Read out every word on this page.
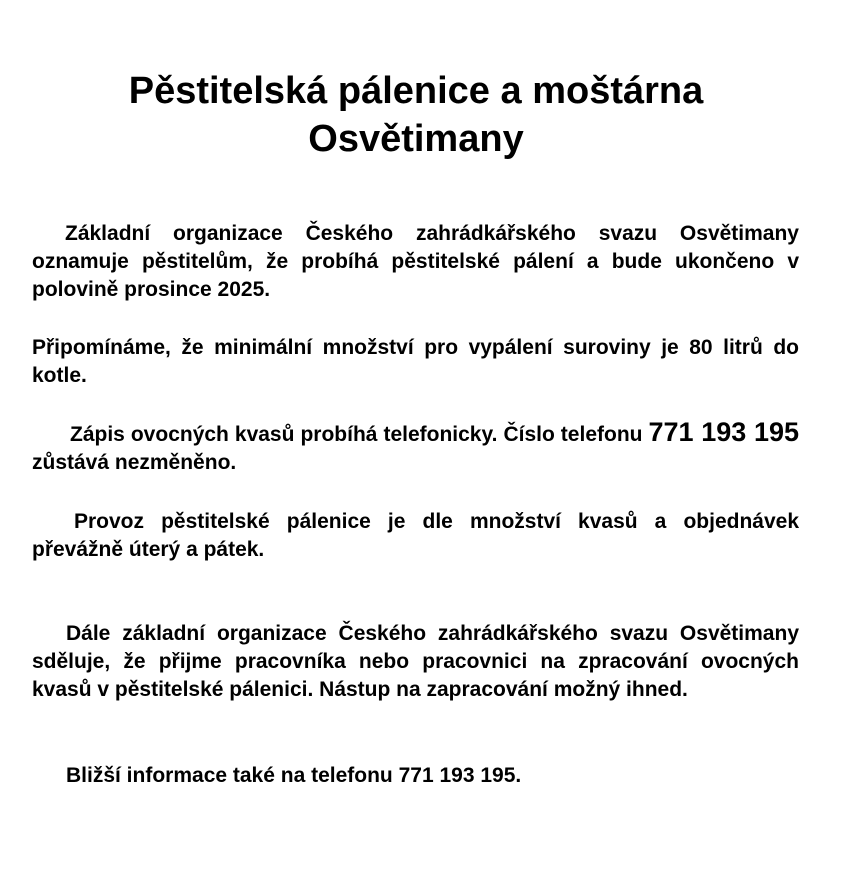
Pěstitelská pálenice a moštárna
Osvětimany

Základní organizace Českého zahrádkářského svazu Osvětimany oznamuje pěstitelům, že probíhá pěstitelské pálení a bude ukončeno v polovině prosince 2025.

Připomínáme, že minimální množství pro vypálení suroviny je 80 litrů do kotle.

Zápis ovocných kvasů probíhá telefonicky. Číslo telefonu 771 193 195 zůstává nezměněno.

Provoz pěstitelské pálenice je dle množství kvasů a objednávek převážně úterý a pátek.

Dále základní organizace Českého zahrádkářského svazu Osvětimany sděluje, že přijme pracovníka nebo pracovnici na zpracování ovocných kvasů v pěstitelské pálenici. Nástup na zapracování možný ihned.

Bližší informace také na telefonu 771 193 195.
